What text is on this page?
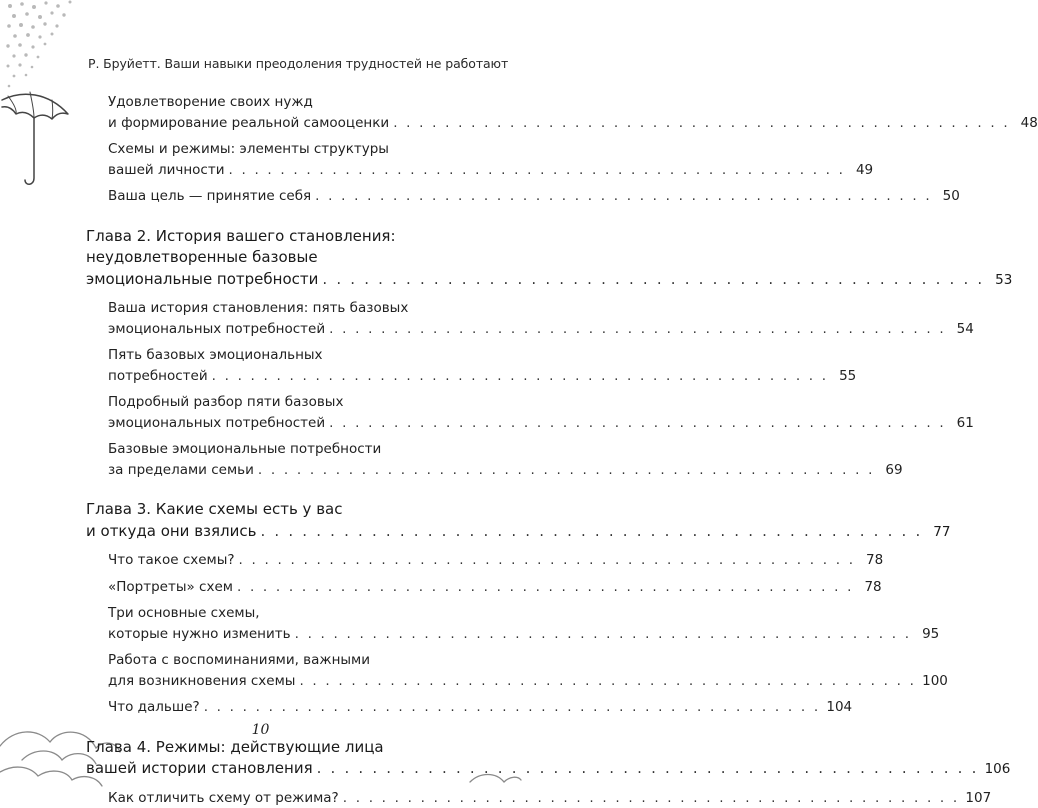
Р. Бруйетт. Ваши навыки преодоления трудностей не работают
Удовлетворение своих нужд
и формирование реальной самооценки . . . . . . . . . . . . . . . . . . . . . . . . . . . . . . . . . . . . . . . . . . . . . . . . 48
Схемы и режимы: элементы структуры
вашей личности . . . . . . . . . . . . . . . . . . . . . . . . . . . . . . . . . . . . . . . . . . . . . . . . 49
Ваша цель — принятие себя . . . . . . . . . . . . . . . . . . . . . . . . . . . . . . . . . . . . . . . . . . . . . . . . 50
Глава 2. История вашего становления:
неудовлетворенные базовые
эмоциональные потребности . . . . . . . . . . . . . . . . . . . . . . . . . . . . . . . . . . . . . . . . . . . . . . . . 53
Ваша история становления: пять базовых
эмоциональных потребностей . . . . . . . . . . . . . . . . . . . . . . . . . . . . . . . . . . . . . . . . . . . . . . . . 54
Пять базовых эмоциональных
потребностей . . . . . . . . . . . . . . . . . . . . . . . . . . . . . . . . . . . . . . . . . . . . . . . . 55
Подробный разбор пяти базовых
эмоциональных потребностей . . . . . . . . . . . . . . . . . . . . . . . . . . . . . . . . . . . . . . . . . . . . . . . . 61
Базовые эмоциональные потребности
за пределами семьи . . . . . . . . . . . . . . . . . . . . . . . . . . . . . . . . . . . . . . . . . . . . . . . . 69
Глава 3. Какие схемы есть у вас
и откуда они взялись . . . . . . . . . . . . . . . . . . . . . . . . . . . . . . . . . . . . . . . . . . . . . . . . 77
Что такое схемы? . . . . . . . . . . . . . . . . . . . . . . . . . . . . . . . . . . . . . . . . . . . . . . . . 78
«Портреты» схем . . . . . . . . . . . . . . . . . . . . . . . . . . . . . . . . . . . . . . . . . . . . . . . . 78
Три основные схемы,
которые нужно изменить . . . . . . . . . . . . . . . . . . . . . . . . . . . . . . . . . . . . . . . . . . . . . . . . 95
Работа с воспоминаниями, важными
для возникновения схемы . . . . . . . . . . . . . . . . . . . . . . . . . . . . . . . . . . . . . . . . . . . . . . . . 100
Что дальше? . . . . . . . . . . . . . . . . . . . . . . . . . . . . . . . . . . . . . . . . . . . . . . . . 104
Глава 4. Режимы: действующие лица
вашей истории становления . . . . . . . . . . . . . . . . . . . . . . . . . . . . . . . . . . . . . . . . . . . . . . . . 106
Как отличить схему от режима? . . . . . . . . . . . . . . . . . . . . . . . . . . . . . . . . . . . . . . . . . . . . . . . . 107
10
